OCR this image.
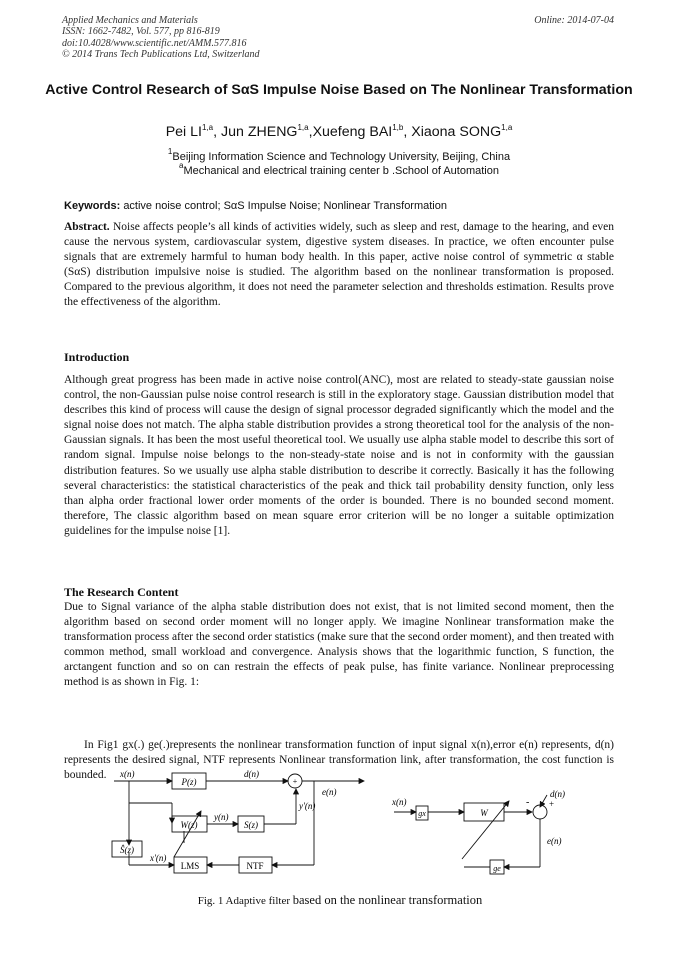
Applied Mechanics and Materials
ISSN: 1662-7482, Vol. 577, pp 816-819
doi:10.4028/www.scientific.net/AMM.577.816
© 2014 Trans Tech Publications Ltd, Switzerland
Online: 2014-07-04
Active Control Research of SαS Impulse Noise Based on The Nonlinear Transformation
Pei LI$^{1,a}$, Jun ZHENG$^{1,a}$,Xuefeng BAI$^{1,b}$, Xiaona SONG$^{1,a}$
$^1$Beijing Information Science and Technology University, Beijing, China
$^a$Mechanical and electrical training center b .School of Automation
Keywords: active noise control; SαS Impulse Noise; Nonlinear Transformation
Abstract. Noise affects people’s all kinds of activities widely, such as sleep and rest, damage to the hearing, and even cause the nervous system, cardiovascular system, digestive system diseases. In practice, we often encounter pulse signals that are extremely harmful to human body health. In this paper, active noise control of symmetric α stable (SαS) distribution impulsive noise is studied. The algorithm based on the nonlinear transformation is proposed. Compared to the previous algorithm, it does not need the parameter selection and thresholds estimation. Results prove the effectiveness of the algorithm.
Introduction
Although great progress has been made in active noise control(ANC), most are related to steady-state gaussian noise control, the non-Gaussian pulse noise control research is still in the exploratory stage. Gaussian distribution model that describes this kind of process will cause the design of signal processor degraded significantly which the model and the signal noise does not match. The alpha stable distribution provides a strong theoretical tool for the analysis of the non-Gaussian signals. It has been the most useful theoretical tool. We usually use alpha stable model to describe this sort of random signal. Impulse noise belongs to the non-steady-state noise and is not in conformity with the gaussian distribution features. So we usually use alpha stable distribution to describe it correctly. Basically it has the following several characteristics: the statistical characteristics of the peak and thick tail probability density function, only less than alpha order fractional lower order moments of the order is bounded. There is no bounded second moment. therefore, The classic algorithm based on mean square error criterion will be no longer a suitable optimization guidelines for the impulse noise [1].
The Research Content
Due to Signal variance of the alpha stable distribution does not exist, that is not limited second moment, then the algorithm based on second order moment will no longer apply. We imagine Nonlinear transformation make the transformation process after the second order statistics (make sure that the second order moment), and then treated with common method, small workload and convergence. Analysis shows that the logarithmic function, S function, the arctangent function and so on can restrain the effects of peak pulse, has finite variance. Nonlinear preprocessing method is as shown in Fig. 1:
In Fig1 gx(.) ge(.)represents the nonlinear transformation function of input signal x(n),error e(n) represents, d(n) represents the desired signal, NTF represents Nonlinear transformation link, after transformation, the cost function is bounded.	x(n)
P(z)
d(n)
e(n)
+
W(z)
y(n)
S(z)
y'(n)
Ŝ(z)
x'(n)
LMS	NTF
x(n)
gx	W
d(n)
- +
e(n)
ge
Fig. 1 Adaptive filter based on the nonlinear transformation
